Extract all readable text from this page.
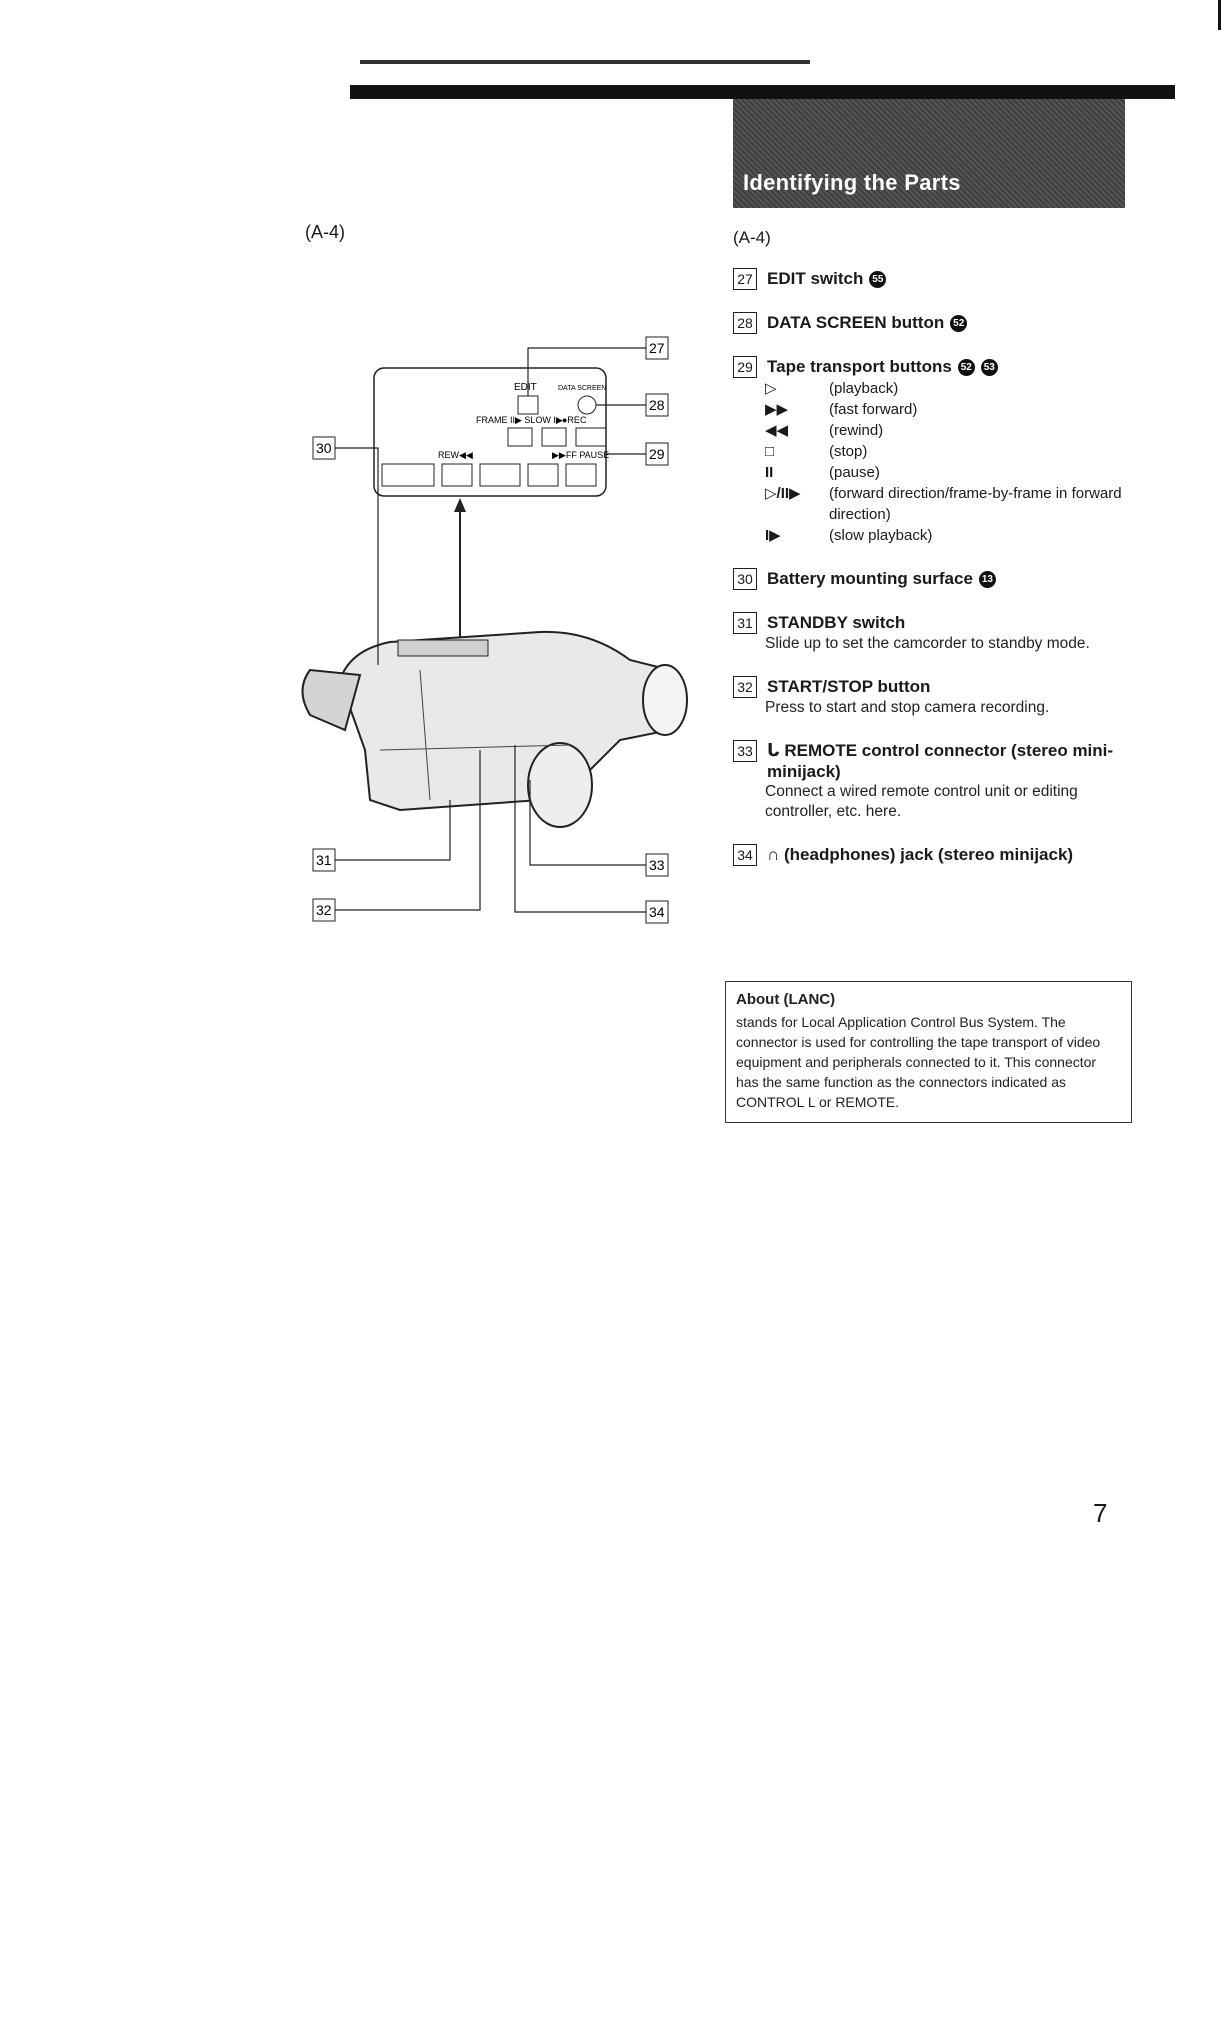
Identifying the Parts
(A-4)
EDIT	DATA SCREEN
FRAME II▶ SLOW I▶ ●REC
REW◀◀	▶▶FF PAUSE
27
28
29
30
31
32
33
34
(A-4)
27 EDIT switch 55
28 DATA SCREEN button 52
29 Tape transport buttons 52 53
▷	(playback)
▶▶	(fast forward)
◀◀	(rewind)
□	(stop)
II	(pause)
▷/II▶	(forward direction/frame-by-frame in forward direction)
I▶	(slow playback)
30 Battery mounting surface 13
31 STANDBY switch
Slide up to set the camcorder to standby mode.
32 START/STOP button
Press to start and stop camera recording.
33 ᒐ REMOTE control connector (stereo mini-minijack)
Connect a wired remote control unit or editing controller, etc. here.
34 ∩ (headphones) jack (stereo minijack)
About (LANC)
stands for Local Application Control Bus System. The connector is used for controlling the tape transport of video equipment and peripherals connected to it. This connector has the same function as the connectors indicated as CONTROL L or REMOTE.
7
